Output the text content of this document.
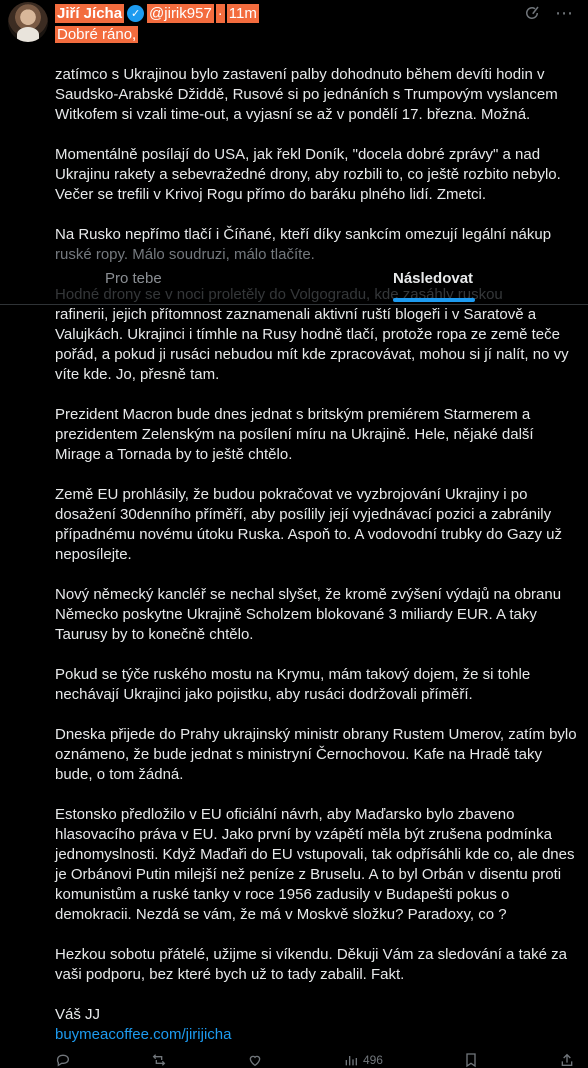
Jiří Jícha ✓ @jirik957 · 11m
Dobré ráno,
⋯

zatímco s Ukrajinou bylo zastavení palby dohodnuto během devíti hodin v Saudsko-Arabské Džiddě, Rusové si po jednáních s Trumpovým vyslancem Witkofem si vzali time-out, a vyjasní se až v pondělí 17. března. Možná.

Momentálně posílají do USA, jak řekl Doník, "docela dobré zprávy" a nad Ukrajinu rakety a sebevražedné drony, aby rozbili to, co ještě rozbito nebylo. Večer se trefili v Krivoj Rogu přímo do baráku plného lidí. Zmetci.

Na Rusko nepřímo tlačí i Číňané, kteří díky sankcím omezují legální nákup

ruské ropy. Málo soudruzi, málo tlačíte.

rafinerii, jejich přítomnost zaznamenali aktivní ruští blogeři i v Saratově a Valujkách. Ukrajinci i tímhle na Rusy hodně tlačí, protože ropa ze země teče pořád, a pokud ji rusáci nebudou mít kde zpracovávat, mohou si jí nalít, no vy víte kde. Jo, přesně tam.

Prezident Macron bude dnes jednat s britským premiérem Starmerem a prezidentem Zelenským na posílení míru na Ukrajině. Hele, nějaké další Mirage a Tornada by to ještě chtělo.

Země EU prohlásily, že budou pokračovat ve vyzbrojování Ukrajiny i po dosažení 30denního příměří, aby posílily její vyjednávací pozici a zabránily případnému novému útoku Ruska. Aspoň to. A vodovodní trubky do Gazy už neposílejte.

Nový německý kancléř se nechal slyšet, že kromě zvýšení výdajů na obranu Německo poskytne Ukrajině Scholzem blokované 3 miliardy EUR. A taky Taurusy by to konečně chtělo.

Pokud se týče ruského mostu na Krymu, mám takový dojem, že si tohle nechávají Ukrajinci jako pojistku, aby rusáci dodržovali příměří.

Dneska přijede do Prahy ukrajinský ministr obrany Rustem Umerov, zatím bylo oznámeno, že bude jednat s ministryní Černochovou. Kafe na Hradě taky bude, o tom žádná.

Estonsko předložilo v EU oficiální návrh, aby Maďarsko bylo zbaveno hlasovacího práva v EU. Jako první by vzápětí měla být zrušena podmínka jednomyslnosti. Když Maďaři do EU vstupovali, tak odpřísáhli kde co, ale dnes je Orbánovi Putin milejší než peníze z Bruselu. A to byl Orbán v disentu proti komunistům a ruské tanky v roce 1956 zadusily v Budapešti pokus o demokracii. Nezdá se vám, že má v Moskvě složku? Paradoxy, co ?

Hezkou sobotu přátelé, užijme si víkendu. Děkuji Vám za sledování a také za vaši podporu, bez které bych už to tady zabalil. Fakt.

Váš JJ

buymeacoffee.com/jirijicha
Pro tebe	Následovat
496
